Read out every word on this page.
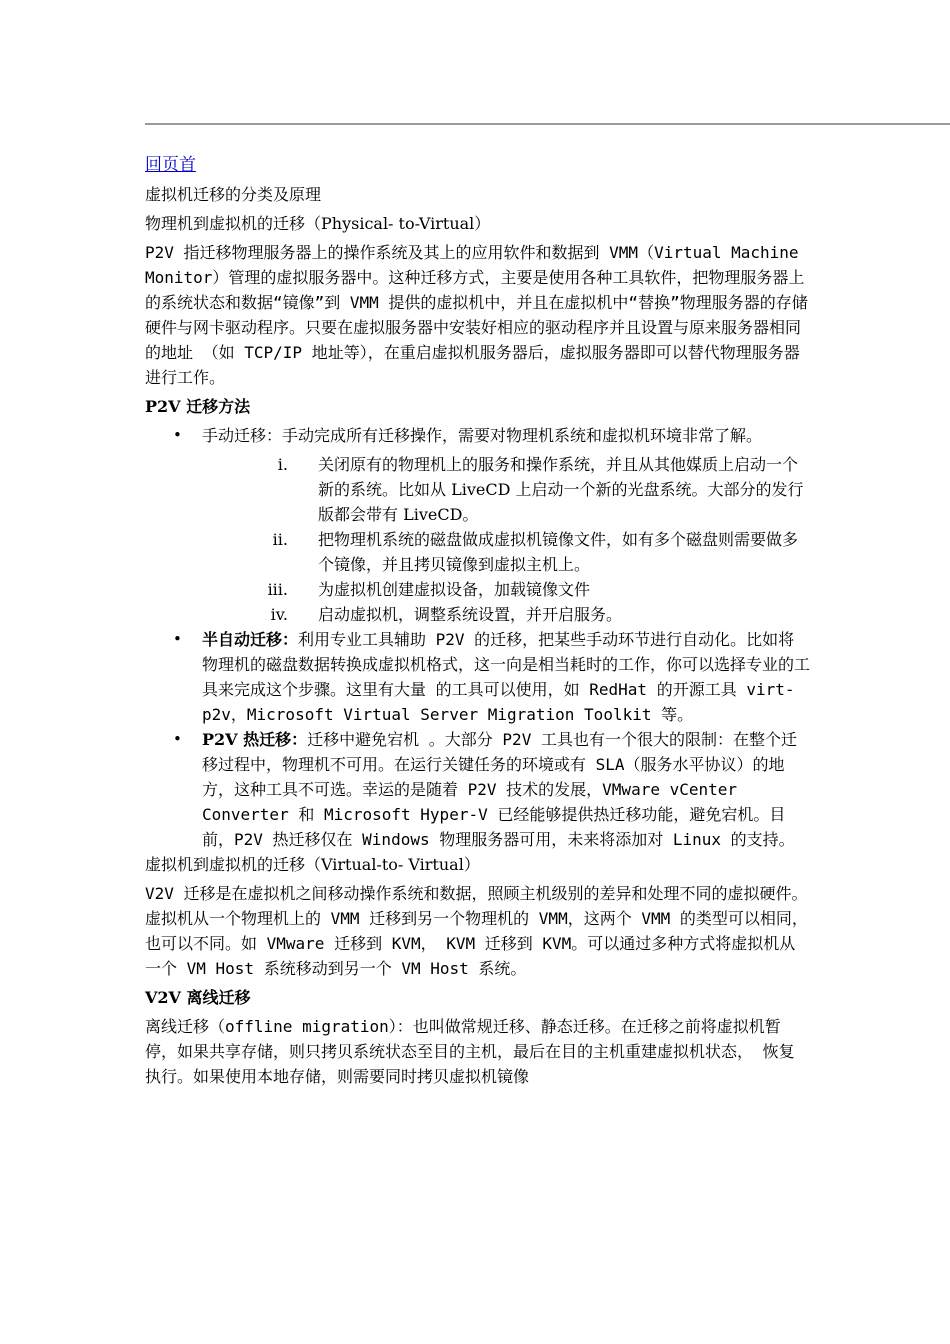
回页首

虚拟机迁移的分类及原理

物理机到虚拟机的迁移（Physical- to-Virtual）

P2V 指迁移物理服务器上的操作系统及其上的应用软件和数据到 VMM（Virtual Machine Monitor）管理的虚拟服务器中。这种迁移方式，主要是使用各种工具软件，把物理服务器上的系统状态和数据“镜像”到 VMM 提供的虚拟机中，并且在虚拟机中“替换”物理服务器的存储硬件与网卡驱动程序。只要在虚拟服务器中安装好相应的驱动程序并且设置与原来服务器相同的地址 （如 TCP/IP 地址等），在重启虚拟机服务器后，虚拟服务器即可以替代物理服务器进行工作。

P2V 迁移方法

• 手动迁移：手动完成所有迁移操作，需要对物理机系统和虚拟机环境非常了解。
i. 关闭原有的物理机上的服务和操作系统，并且从其他媒质上启动一个新的系统。比如从 LiveCD 上启动一个新的光盘系统。大部分的发行版都会带有 LiveCD。
ii. 把物理机系统的磁盘做成虚拟机镜像文件，如有多个磁盘则需要做多个镜像，并且拷贝镜像到虚拟主机上。
iii. 为虚拟机创建虚拟设备，加载镜像文件
iv. 启动虚拟机，调整系统设置，并开启服务。
• 半自动迁移：利用专业工具辅助 P2V 的迁移，把某些手动环节进行自动化。比如将物理机的磁盘数据转换成虚拟机格式，这一向是相当耗时的工作，你可以选择专业的工具来完成这个步骤。这里有大量 的工具可以使用，如 RedHat 的开源工具 virt-p2v，Microsoft Virtual Server Migration Toolkit 等。
• P2V 热迁移：迁移中避免宕机 。大部分 P2V 工具也有一个很大的限制：在整个迁移过程中，物理机不可用。在运行关键任务的环境或有 SLA（服务水平协议）的地方，这种工具不可选。幸运的是随着 P2V 技术的发展，VMware vCenter Converter 和 Microsoft Hyper-V 已经能够提供热迁移功能，避免宕机。目前，P2V 热迁移仅在 Windows 物理服务器可用，未来将添加对 Linux 的支持。

虚拟机到虚拟机的迁移（Virtual-to- Virtual）

V2V 迁移是在虚拟机之间移动操作系统和数据，照顾主机级别的差异和处理不同的虚拟硬件。虚拟机从一个物理机上的 VMM 迁移到另一个物理机的 VMM，这两个 VMM 的类型可以相同，也可以不同。如 VMware 迁移到 KVM， KVM 迁移到 KVM。可以通过多种方式将虚拟机从一个 VM Host 系统移动到另一个 VM Host 系统。

V2V 离线迁移

离线迁移（offline migration）：也叫做常规迁移、静态迁移。在迁移之前将虚拟机暂停，如果共享存储，则只拷贝系统状态至目的主机，最后在目的主机重建虚拟机状态， 恢复执行。如果使用本地存储，则需要同时拷贝虚拟机镜像
